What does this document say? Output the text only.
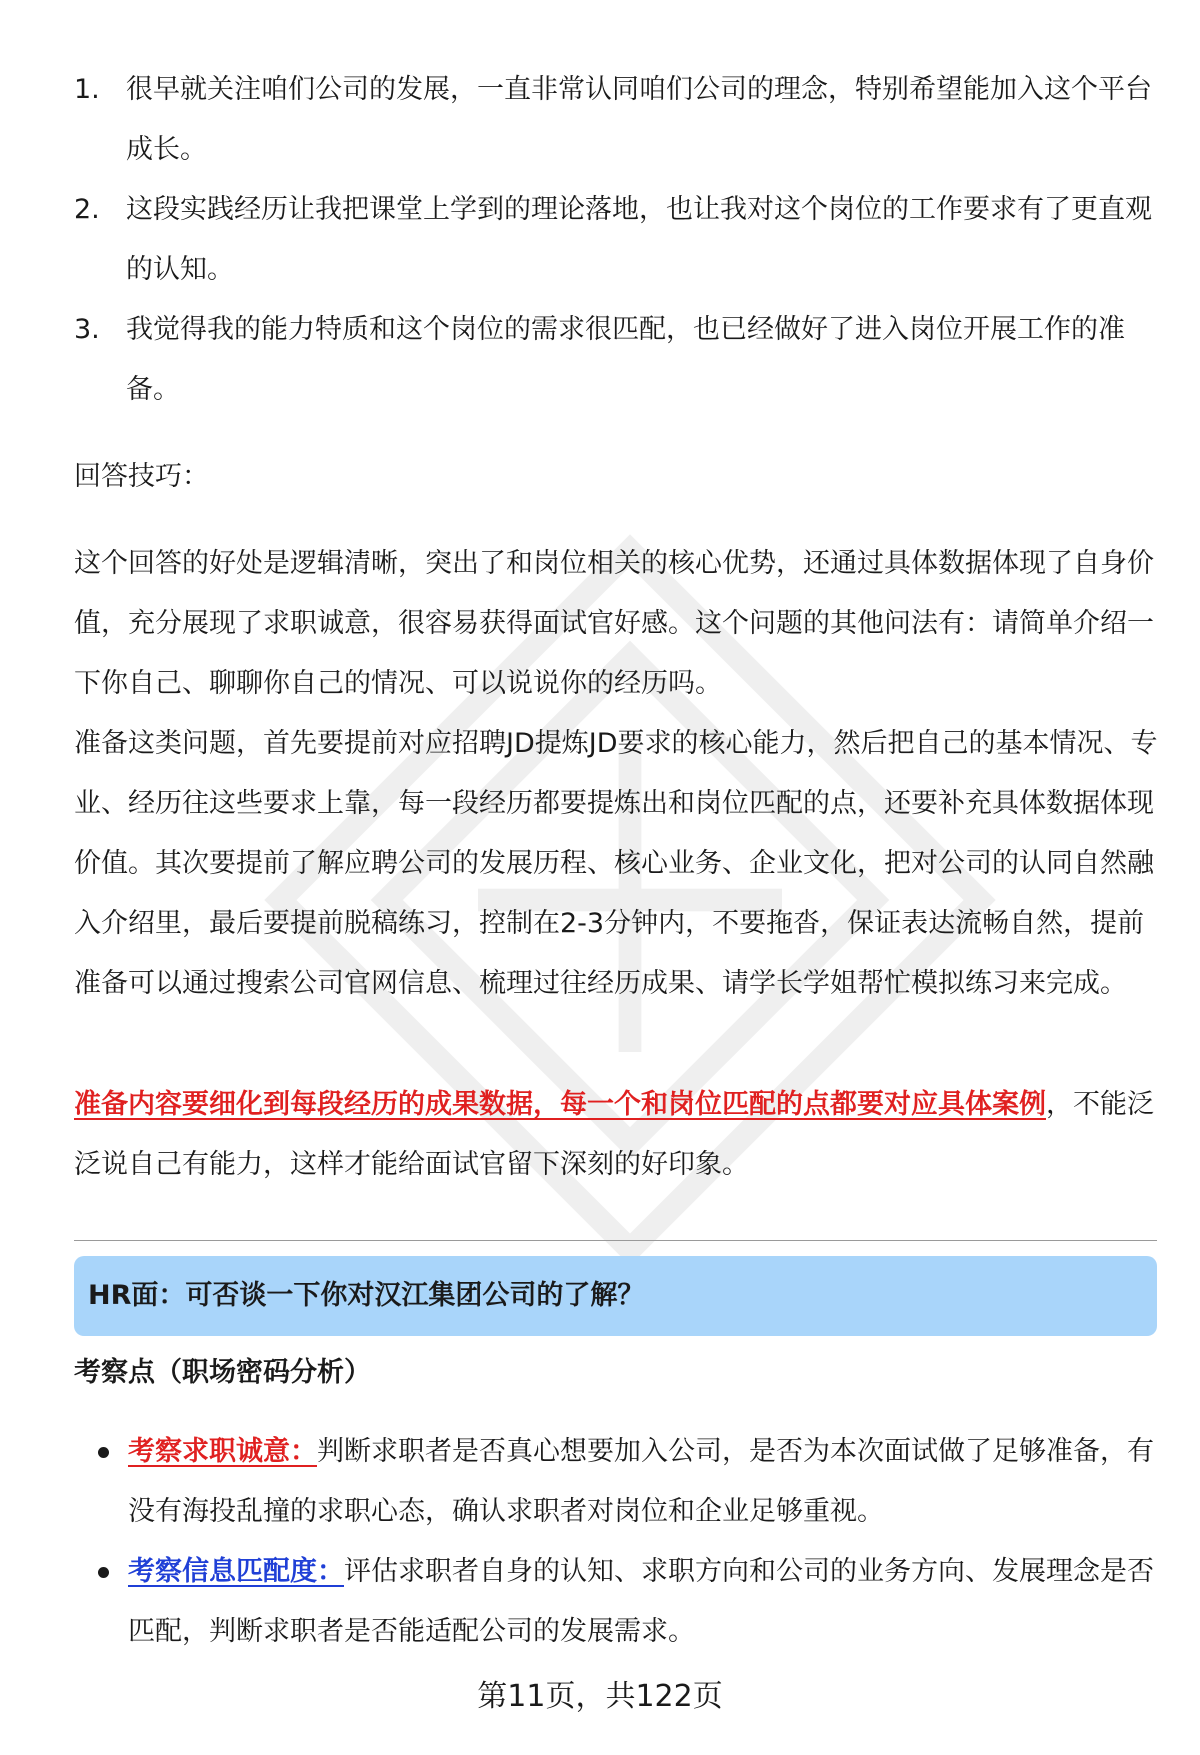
1. 很早就关注咱们公司的发展，一直非常认同咱们公司的理念，特别希望能加入这个平台成长。
2. 这段实践经历让我把课堂上学到的理论落地，也让我对这个岗位的工作要求有了更直观的认知。
3. 我觉得我的能力特质和这个岗位的需求很匹配，也已经做好了进入岗位开展工作的准备。

回答技巧：

这个回答的好处是逻辑清晰，突出了和岗位相关的核心优势，还通过具体数据体现了自身价值，充分展现了求职诚意，很容易获得面试官好感。这个问题的其他问法有：请简单介绍一下你自己、聊聊你自己的情况、可以说说你的经历吗。

准备这类问题，首先要提前对应招聘JD提炼JD要求的核心能力，然后把自己的基本情况、专业、经历往这些要求上靠，每一段经历都要提炼出和岗位匹配的点，还要补充具体数据体现价值。其次要提前了解应聘公司的发展历程、核心业务、企业文化，把对公司的认同自然融入介绍里，最后要提前脱稿练习，控制在2-3分钟内，不要拖沓，保证表达流畅自然，提前准备可以通过搜索公司官网信息、梳理过往经历成果、请学长学姐帮忙模拟练习来完成。

准备内容要细化到每段经历的成果数据，每一个和岗位匹配的点都要对应具体案例，不能泛泛说自己有能力，这样才能给面试官留下深刻的好印象。

HR面：可否谈一下你对汉江集团公司的了解？
考察点（职场密码分析）
考察求职诚意：判断求职者是否真心想要加入公司，是否为本次面试做了足够准备，有没有海投乱撞的求职心态，确认求职者对岗位和企业足够重视。
考察信息匹配度：评估求职者自身的认知、求职方向和公司的业务方向、发展理念是否匹配，判断求职者是否能适配公司的发展需求。
第11页，共122页
